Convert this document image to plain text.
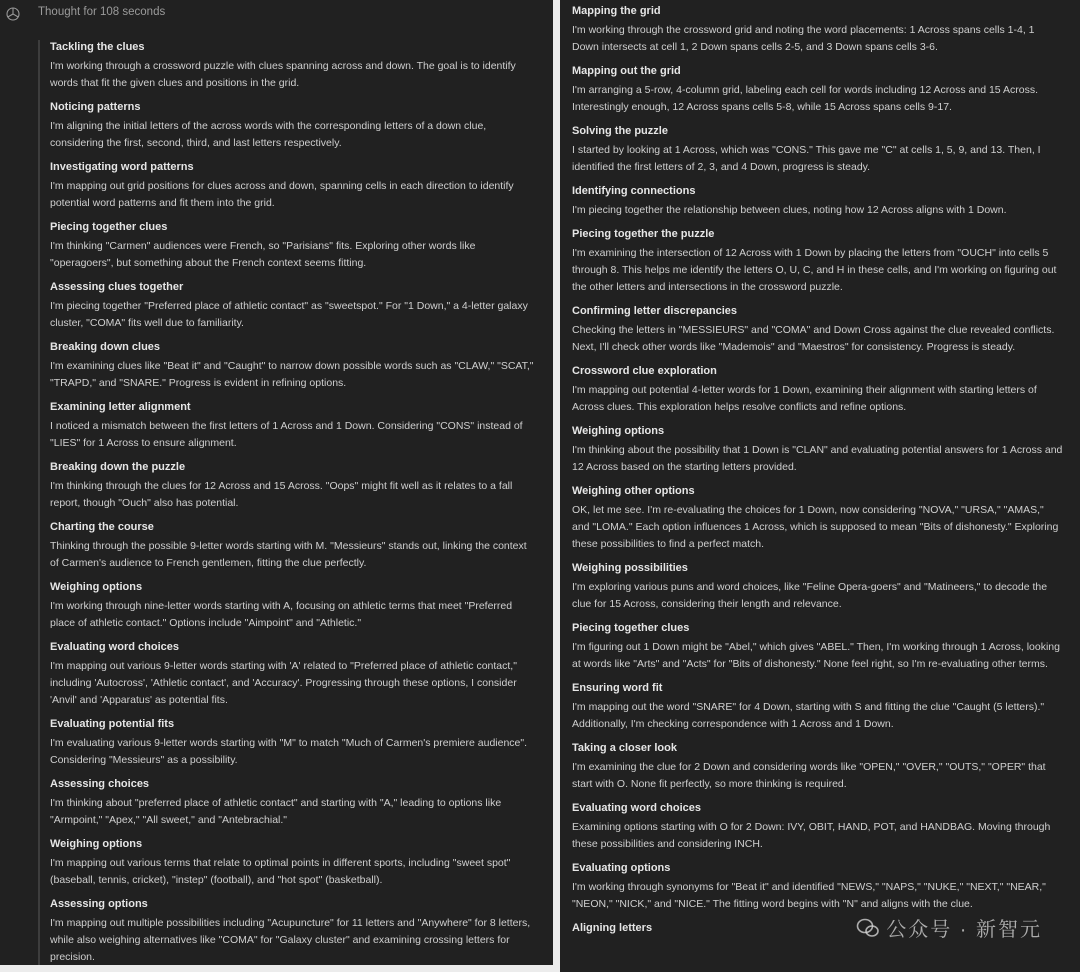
Thought for 108 seconds
Tackling the clues
I'm working through a crossword puzzle with clues spanning across and down. The goal is to identify words that fit the given clues and positions in the grid.
Noticing patterns
I'm aligning the initial letters of the across words with the corresponding letters of a down clue, considering the first, second, third, and last letters respectively.
Investigating word patterns
I'm mapping out grid positions for clues across and down, spanning cells in each direction to identify potential word patterns and fit them into the grid.
Piecing together clues
I'm thinking "Carmen" audiences were French, so "Parisians" fits. Exploring other words like "operagoers", but something about the French context seems fitting.
Assessing clues together
I'm piecing together "Preferred place of athletic contact" as "sweetspot." For "1 Down," a 4-letter galaxy cluster, "COMA" fits well due to familiarity.
Breaking down clues
I'm examining clues like "Beat it" and "Caught" to narrow down possible words such as "CLAW," "SCAT," "TRAPD," and "SNARE." Progress is evident in refining options.
Examining letter alignment
I noticed a mismatch between the first letters of 1 Across and 1 Down. Considering "CONS" instead of "LIES" for 1 Across to ensure alignment.
Breaking down the puzzle
I'm thinking through the clues for 12 Across and 15 Across. "Oops" might fit well as it relates to a fall report, though "Ouch" also has potential.
Charting the course
Thinking through the possible 9-letter words starting with M. "Messieurs" stands out, linking the context of Carmen's audience to French gentlemen, fitting the clue perfectly.
Weighing options
I'm working through nine-letter words starting with A, focusing on athletic terms that meet "Preferred place of athletic contact." Options include "Aimpoint" and "Athletic."
Evaluating word choices
I'm mapping out various 9-letter words starting with 'A' related to "Preferred place of athletic contact," including 'Autocross', 'Athletic contact', and 'Accuracy'. Progressing through these options, I consider 'Anvil' and 'Apparatus' as potential fits.
Evaluating potential fits
I'm evaluating various 9-letter words starting with "M" to match "Much of Carmen's premiere audience". Considering "Messieurs" as a possibility.
Assessing choices
I'm thinking about "preferred place of athletic contact" and starting with "A," leading to options like "Armpoint," "Apex," "All sweet," and "Antebrachial."
Weighing options
I'm mapping out various terms that relate to optimal points in different sports, including "sweet spot" (baseball, tennis, cricket), "instep" (football), and "hot spot" (basketball).
Assessing options
I'm mapping out multiple possibilities including "Acupuncture" for 11 letters and "Anywhere" for 8 letters, while also weighing alternatives like "COMA" for "Galaxy cluster" and examining crossing letters for precision.
Mapping the grid
I'm working through the crossword grid and noting the word placements: 1 Across spans cells 1-4, 1 Down intersects at cell 1, 2 Down spans cells 2-5, and 3 Down spans cells 3-6.
Mapping out the grid
I'm arranging a 5-row, 4-column grid, labeling each cell for words including 12 Across and 15 Across. Interestingly enough, 12 Across spans cells 5-8, while 15 Across spans cells 9-17.
Solving the puzzle
I started by looking at 1 Across, which was "CONS." This gave me "C" at cells 1, 5, 9, and 13. Then, I identified the first letters of 2, 3, and 4 Down, progress is steady.
Identifying connections
I'm piecing together the relationship between clues, noting how 12 Across aligns with 1 Down.
Piecing together the puzzle
I'm examining the intersection of 12 Across with 1 Down by placing the letters from "OUCH" into cells 5 through 8. This helps me identify the letters O, U, C, and H in these cells, and I'm working on figuring out the other letters and intersections in the crossword puzzle.
Confirming letter discrepancies
Checking the letters in "MESSIEURS" and "COMA" and Down Cross against the clue revealed conflicts. Next, I'll check other words like "Mademois" and "Maestros" for consistency. Progress is steady.
Crossword clue exploration
I'm mapping out potential 4-letter words for 1 Down, examining their alignment with starting letters of Across clues. This exploration helps resolve conflicts and refine options.
Weighing options
I'm thinking about the possibility that 1 Down is "CLAN" and evaluating potential answers for 1 Across and 12 Across based on the starting letters provided.
Weighing other options
OK, let me see. I'm re-evaluating the choices for 1 Down, now considering "NOVA," "URSA," "AMAS," and "LOMA." Each option influences 1 Across, which is supposed to mean "Bits of dishonesty." Exploring these possibilities to find a perfect match.
Weighing possibilities
I'm exploring various puns and word choices, like "Feline Opera-goers" and "Matineers," to decode the clue for 15 Across, considering their length and relevance.
Piecing together clues
I'm figuring out 1 Down might be "Abel," which gives "ABEL." Then, I'm working through 1 Across, looking at words like "Arts" and "Acts" for "Bits of dishonesty." None feel right, so I'm re-evaluating other terms.
Ensuring word fit
I'm mapping out the word "SNARE" for 4 Down, starting with S and fitting the clue "Caught (5 letters)." Additionally, I'm checking correspondence with 1 Across and 1 Down.
Taking a closer look
I'm examining the clue for 2 Down and considering words like "OPEN," "OVER," "OUTS," "OPER" that start with O. None fit perfectly, so more thinking is required.
Evaluating word choices
Examining options starting with O for 2 Down: IVY, OBIT, HAND, POT, and HANDBAG. Moving through these possibilities and considering INCH.
Evaluating options
I'm working through synonyms for "Beat it" and identified "NEWS," "NAPS," "NUKE," "NEXT," "NEAR," "NEON," "NICK," and "NICE." The fitting word begins with "N" and aligns with the clue.
Aligning letters	公众号 · 新智元
